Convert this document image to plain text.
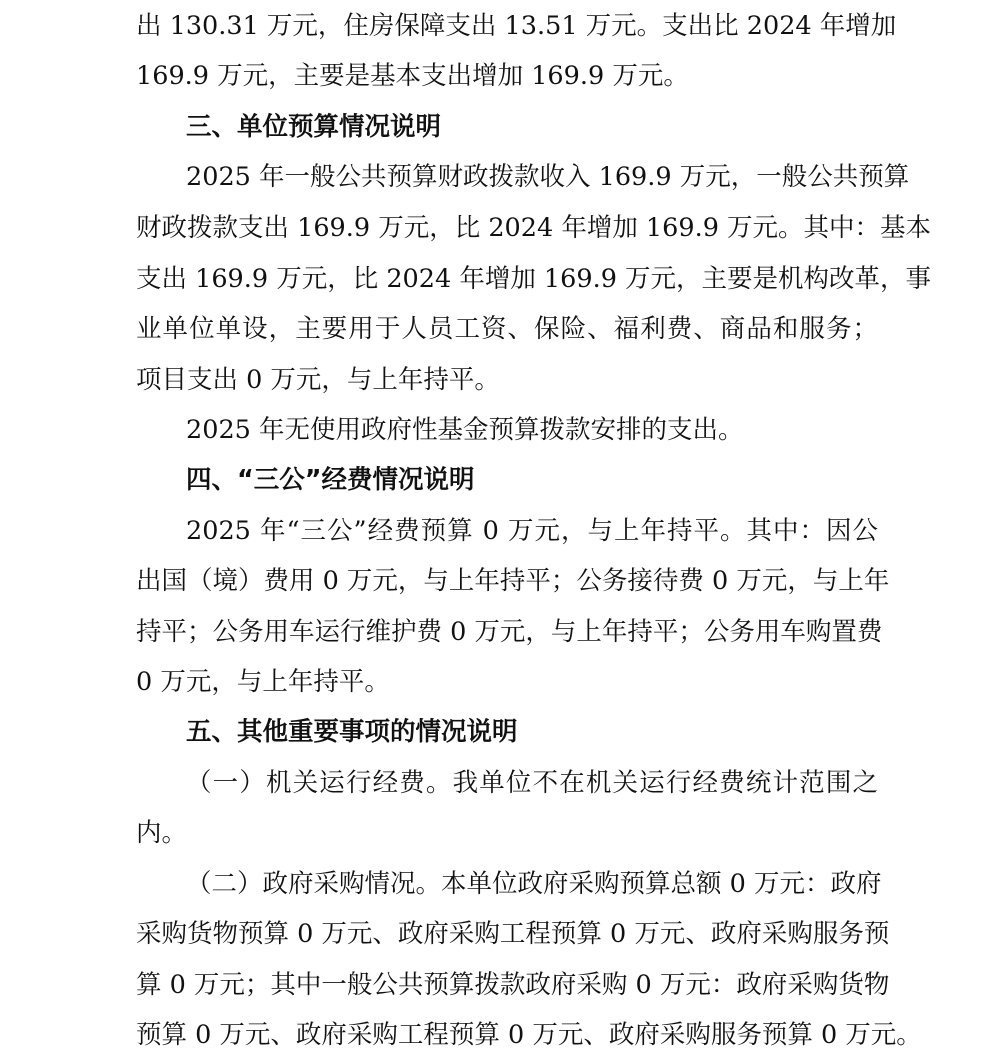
出 130.31 万元，住房保障支出 13.51 万元。支出比 2024 年增加
169.9 万元，主要是基本支出增加 169.9 万元。
三、单位预算情况说明
2025 年一般公共预算财政拨款收入 169.9 万元，一般公共预算
财政拨款支出 169.9 万元，比 2024 年增加 169.9 万元。其中：基本
支出 169.9 万元，比 2024 年增加 169.9 万元，主要是机构改革，事
业单位单设，主要用于人员工资、保险、福利费、商品和服务；
项目支出 0 万元，与上年持平。
2025 年无使用政府性基金预算拨款安排的支出。
四、“三公”经费情况说明
2025 年“三公”经费预算 0 万元，与上年持平。其中：因公
出国（境）费用 0 万元，与上年持平；公务接待费 0 万元，与上年
持平；公务用车运行维护费 0 万元，与上年持平；公务用车购置费
0 万元，与上年持平。
五、其他重要事项的情况说明
（一）机关运行经费。我单位不在机关运行经费统计范围之
内。
（二）政府采购情况。本单位政府采购预算总额 0 万元：政府
采购货物预算 0 万元、政府采购工程预算 0 万元、政府采购服务预
算 0 万元；其中一般公共预算拨款政府采购 0 万元：政府采购货物
预算 0 万元、政府采购工程预算 0 万元、政府采购服务预算 0 万元。
